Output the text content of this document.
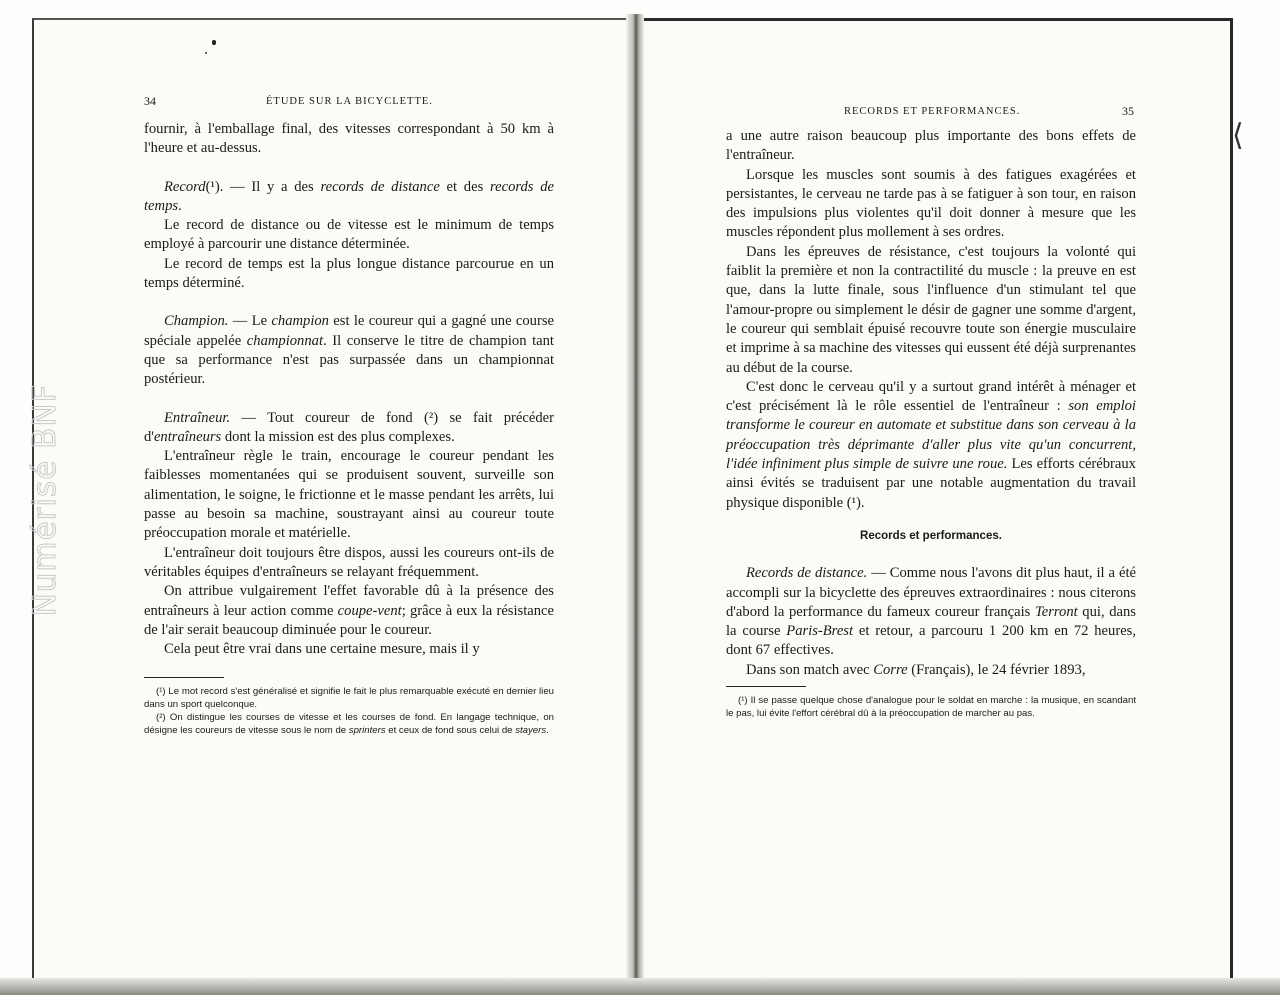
⟨
Numérisé BNF
34	ÉTUDE SUR LA BICYCLETTE.

fournir, à l'emballage final, des vitesses correspondant à 50 km à l'heure et au-dessus.

Record(¹). — Il y a des records de distance et des records de temps.

Le record de distance ou de vitesse est le minimum de temps employé à parcourir une distance déterminée.

Le record de temps est la plus longue distance parcourue en un temps déterminé.

Champion. — Le champion est le coureur qui a gagné une course spéciale appelée championnat. Il conserve le titre de champion tant que sa performance n'est pas surpassée dans un championnat postérieur.

Entraîneur. — Tout coureur de fond (²) se fait précéder d'entraîneurs dont la mission est des plus complexes.

L'entraîneur règle le train, encourage le coureur pendant les faiblesses momentanées qui se produisent souvent, surveille son alimentation, le soigne, le frictionne et le masse pendant les arrêts, lui passe au besoin sa machine, soustrayant ainsi au coureur toute préoccupation morale et matérielle.

L'entraîneur doit toujours être dispos, aussi les coureurs ont-ils de véritables équipes d'entraîneurs se relayant fréquemment.

On attribue vulgairement l'effet favorable dû à la présence des entraîneurs à leur action comme coupe-vent; grâce à eux la résistance de l'air serait beaucoup diminuée pour le coureur.

Cela peut être vrai dans une certaine mesure, mais il y

(¹) Le mot record s'est généralisé et signifie le fait le plus remarquable exécuté en dernier lieu dans un sport quelconque.

(²) On distingue les courses de vitesse et les courses de fond. En langage technique, on désigne les coureurs de vitesse sous le nom de sprinters et ceux de fond sous celui de stayers.

RECORDS ET PERFORMANCES.	35

a une autre raison beaucoup plus importante des bons effets de l'entraîneur.

Lorsque les muscles sont soumis à des fatigues exagérées et persistantes, le cerveau ne tarde pas à se fatiguer à son tour, en raison des impulsions plus violentes qu'il doit donner à mesure que les muscles répondent plus mollement à ses ordres.

Dans les épreuves de résistance, c'est toujours la volonté qui faiblit la première et non la contractilité du muscle : la preuve en est que, dans la lutte finale, sous l'influence d'un stimulant tel que l'amour-propre ou simplement le désir de gagner une somme d'argent, le coureur qui semblait épuisé recouvre toute son énergie musculaire et imprime à sa machine des vitesses qui eussent été déjà surprenantes au début de la course.

C'est donc le cerveau qu'il y a surtout grand intérêt à ménager et c'est précisément là le rôle essentiel de l'entraîneur : son emploi transforme le coureur en automate et substitue dans son cerveau à la préoccupation très déprimante d'aller plus vite qu'un concurrent, l'idée infiniment plus simple de suivre une roue. Les efforts cérébraux ainsi évités se traduisent par une notable augmentation du travail physique disponible (¹).

Records et performances.

Records de distance. — Comme nous l'avons dit plus haut, il a été accompli sur la bicyclette des épreuves extraordinaires : nous citerons d'abord la performance du fameux coureur français Terront qui, dans la course Paris-Brest et retour, a parcouru 1 200 km en 72 heures, dont 67 effectives.

Dans son match avec Corre (Français), le 24 février 1893,

(¹) Il se passe quelque chose d'analogue pour le soldat en marche : la musique, en scandant le pas, lui évite l'effort cérébral dû à la préoccupation de marcher au pas.
